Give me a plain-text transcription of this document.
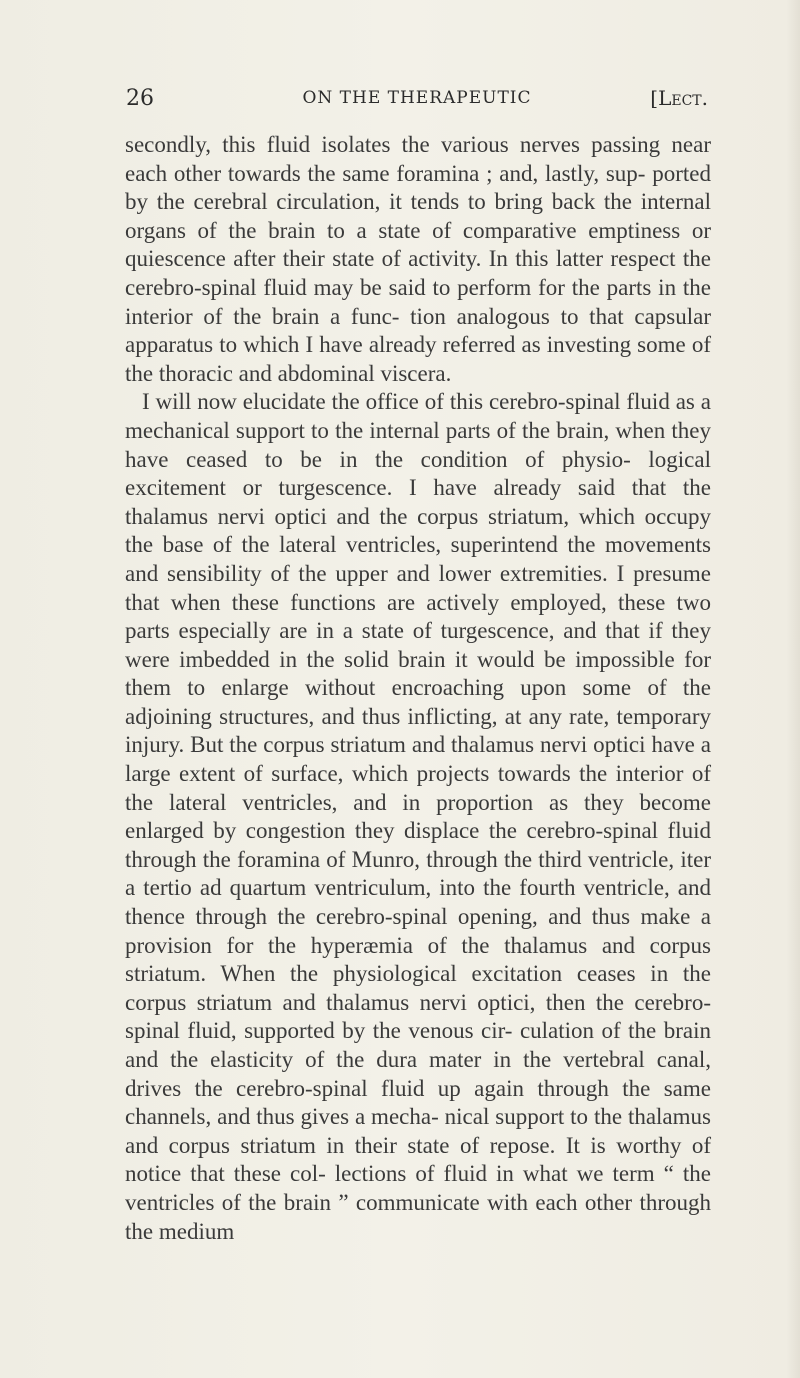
26	ON THE THERAPEUTIC	[Lect.

secondly, this fluid isolates the various nerves passing near each other towards the same foramina ; and, lastly, sup- ported by the cerebral circulation, it tends to bring back the internal organs of the brain to a state of comparative emptiness or quiescence after their state of activity. In this latter respect the cerebro-spinal fluid may be said to perform for the parts in the interior of the brain a func- tion analogous to that capsular apparatus to which I have already referred as investing some of the thoracic and abdominal viscera.

I will now elucidate the office of this cerebro-spinal fluid as a mechanical support to the internal parts of the brain, when they have ceased to be in the condition of physio- logical excitement or turgescence. I have already said that the thalamus nervi optici and the corpus striatum, which occupy the base of the lateral ventricles, superintend the movements and sensibility of the upper and lower extremities. I presume that when these functions are actively employed, these two parts especially are in a state of turgescence, and that if they were imbedded in the solid brain it would be impossible for them to enlarge without encroaching upon some of the adjoining structures, and thus inflicting, at any rate, temporary injury. But the corpus striatum and thalamus nervi optici have a large extent of surface, which projects towards the interior of the lateral ventricles, and in proportion as they become enlarged by congestion they displace the cerebro-spinal fluid through the foramina of Munro, through the third ventricle, iter a tertio ad quartum ventriculum, into the fourth ventricle, and thence through the cerebro-spinal opening, and thus make a provision for the hyperæmia of the thalamus and corpus striatum. When the physiological excitation ceases in the corpus striatum and thalamus nervi optici, then the cerebro-spinal fluid, supported by the venous cir- culation of the brain and the elasticity of the dura mater in the vertebral canal, drives the cerebro-spinal fluid up again through the same channels, and thus gives a mecha- nical support to the thalamus and corpus striatum in their state of repose. It is worthy of notice that these col- lections of fluid in what we term “ the ventricles of the brain ” communicate with each other through the medium
